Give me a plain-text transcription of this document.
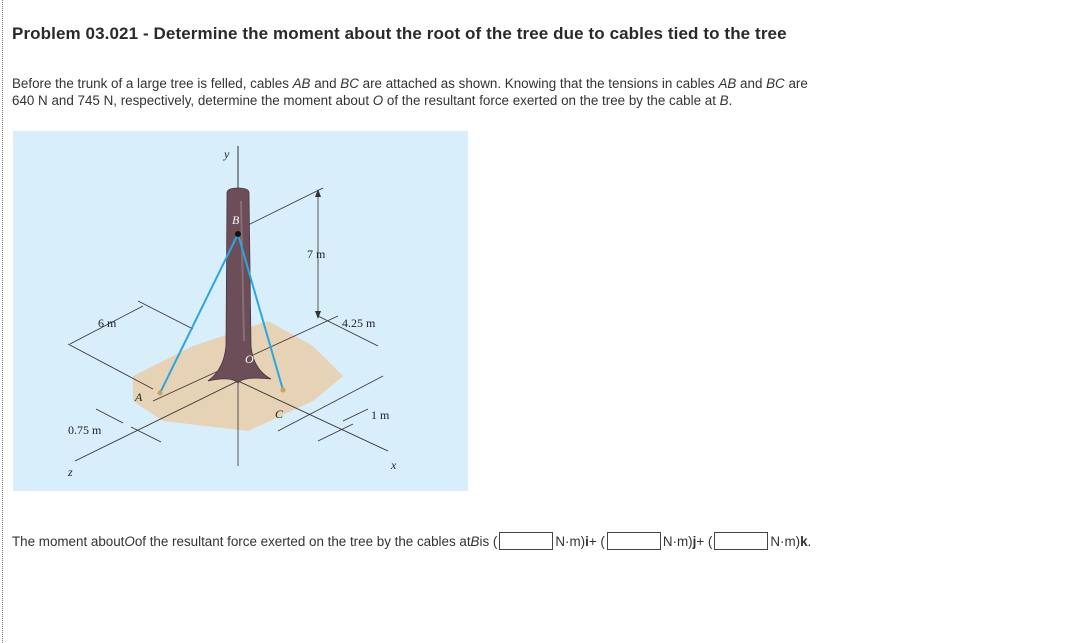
Problem 03.021 - Determine the moment about the root of the tree due to cables tied to the tree

Before the trunk of a large tree is felled, cables AB and BC are attached as shown. Knowing that the tensions in cables AB and BC are

640 N and 745 N, respectively, determine the moment about O of the resultant force exerted on the tree by the cable at B.

y
B
O
A
C
7 m
6 m	4.25 m
1 m
0.75 m
x
z
The moment about O of the resultant force exerted on the tree by the cables at B is (	N·m)i + (	N·m)j + (	N·m)k .
